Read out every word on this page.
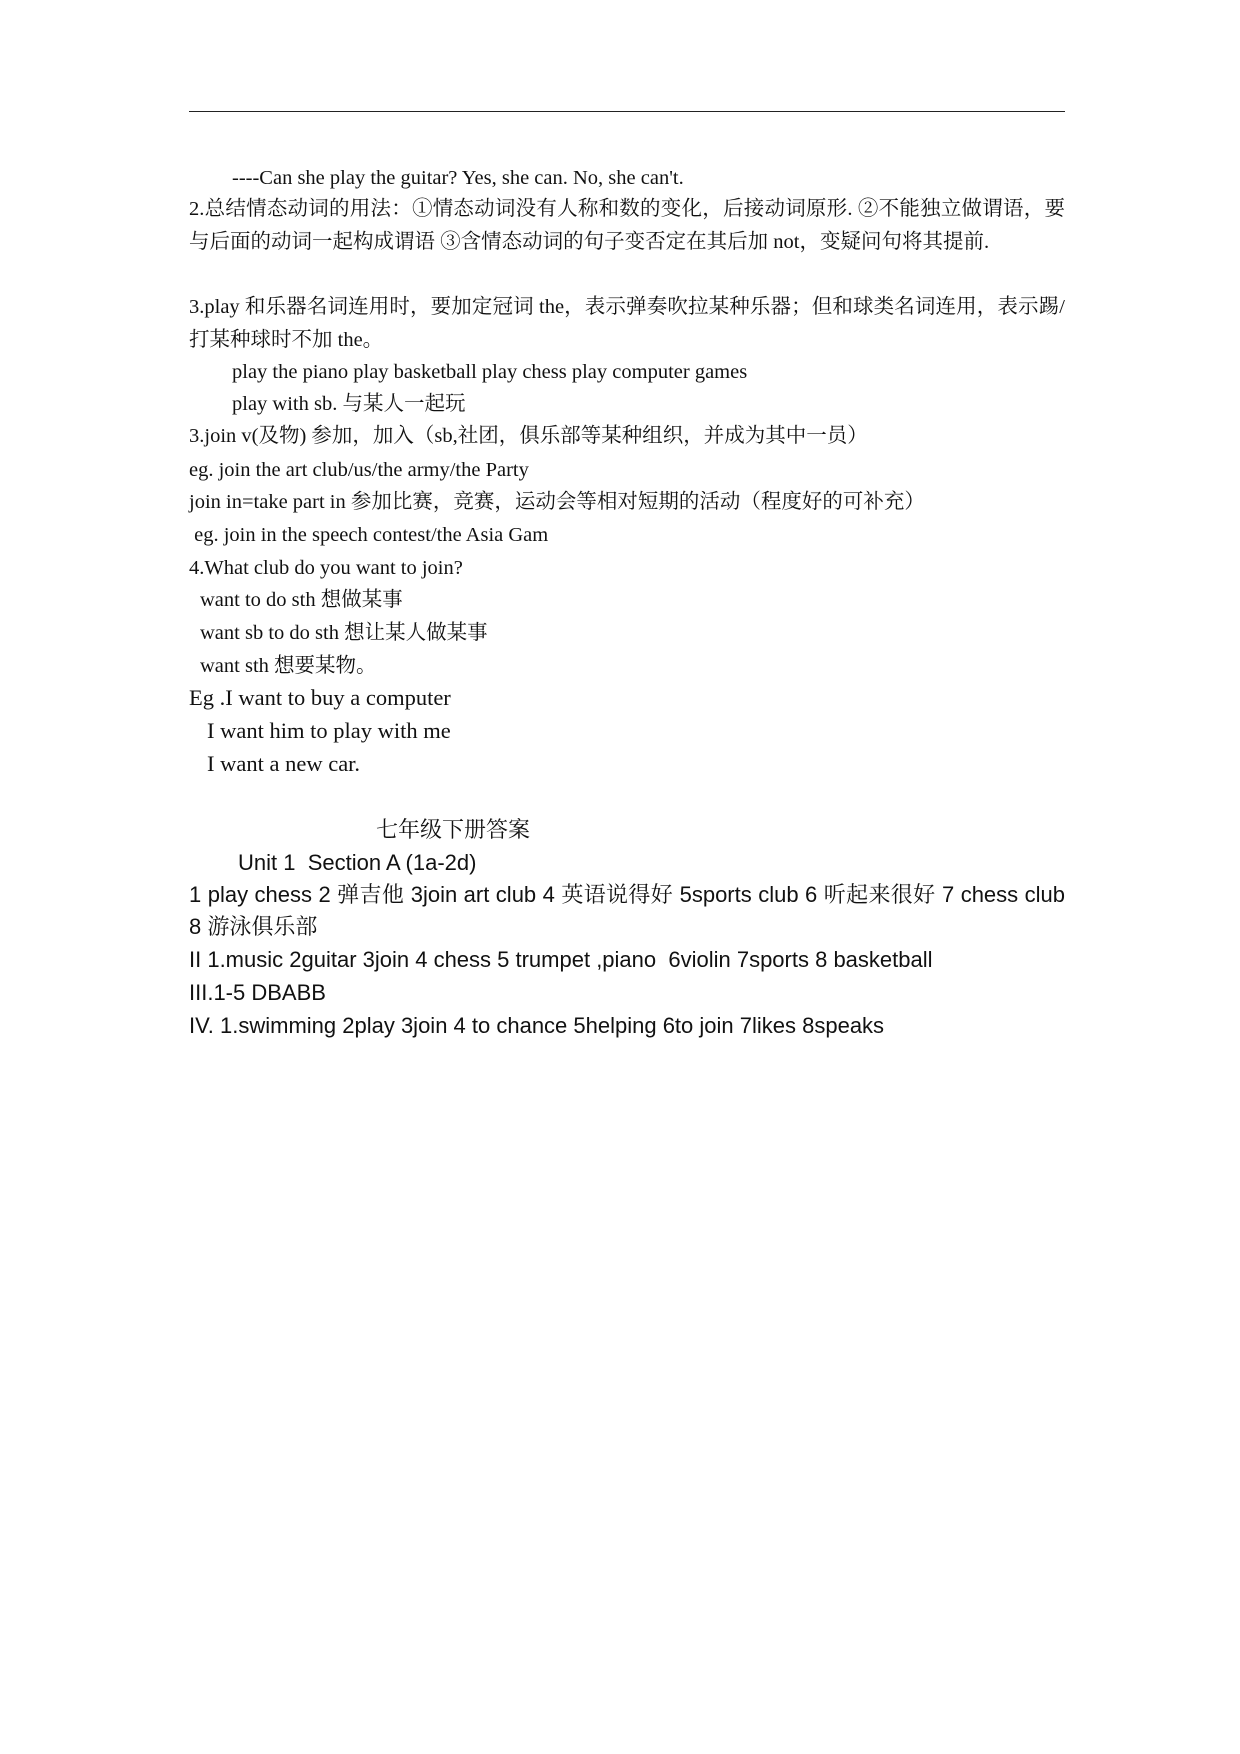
----Can she play the guitar? Yes, she can. No, she can't.
2.总结情态动词的用法：①情态动词没有人称和数的变化，后接动词原形. ②不能独立做谓语，要与后面的动词一起构成谓语 ③含情态动词的句子变否定在其后加 not，变疑问句将其提前.
3.play 和乐器名词连用时，要加定冠词 the，表示弹奏吹拉某种乐器；但和球类名词连用，表示踢/打某种球时不加 the。
play the piano play basketball play chess play computer games
play with sb. 与某人一起玩
3.join v(及物) 参加，加入（sb,社团，俱乐部等某种组织，并成为其中一员）
eg. join the art club/us/the army/the Party
join in=take part in 参加比赛，竞赛，运动会等相对短期的活动（程度好的可补充）
eg. join in the speech contest/the Asia Gam
4.What club do you want to join?
want to do sth 想做某事
want sb to do sth 想让某人做某事
want sth 想要某物。
Eg .I want to buy a computer
I want him to play with me
I want a new car.
七年级下册答案
Unit 1  Section A (1a-2d)
1 play chess 2 弹吉他 3join art club 4 英语说得好 5sports club 6 听起来很好 7 chess club 8 游泳俱乐部
II 1.music 2guitar 3join 4 chess 5 trumpet ,piano  6violin 7sports 8 basketball
III.1-5 DBABB
IV. 1.swimming 2play 3join 4 to chance 5helping 6to join 7likes 8speaks
